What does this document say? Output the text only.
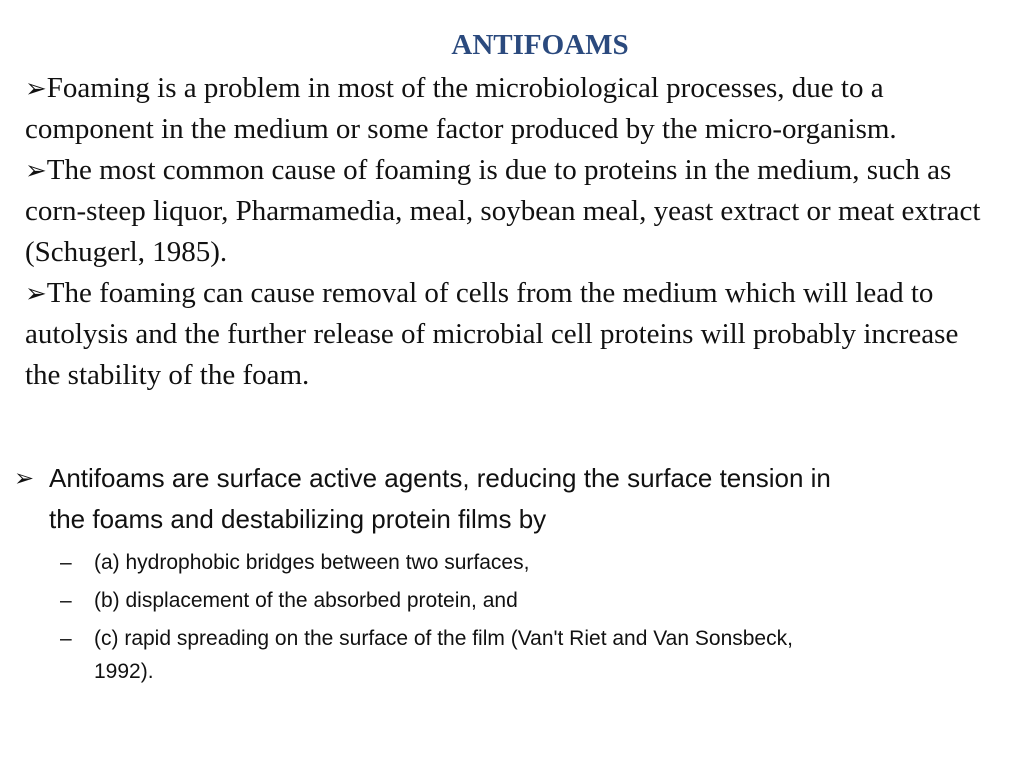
ANTIFOAMS

➢Foaming is a problem in most of the microbiological processes, due to a component in the medium or some factor produced by the micro-organism.

➢The most common cause of foaming is due to proteins in the medium, such as corn-steep liquor, Pharmamedia, meal, soybean meal, yeast extract or meat extract (Schugerl, 1985).

➢The foaming can cause removal of cells from the medium which will lead to autolysis and the further release of microbial cell proteins will probably increase the stability of the foam.

➢ Antifoams are surface active agents, reducing the surface tension in the foams and destabilizing protein films by
–	(a) hydrophobic bridges between two surfaces,
–	(b) displacement of the absorbed protein, and
–	(c) rapid spreading on the surface of the film (Van't Riet and Van Sonsbeck, 1992).
